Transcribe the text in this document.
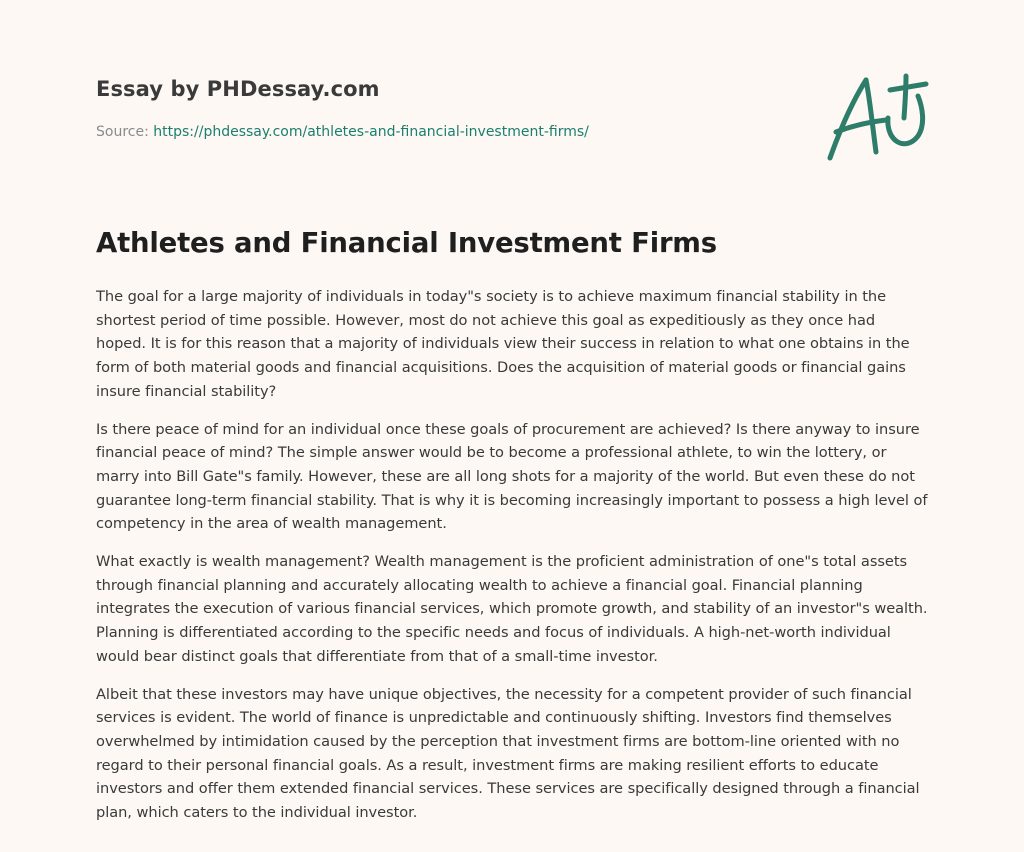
Essay by PHDessay.com
Source: https://phdessay.com/athletes-and-financial-investment-firms/
Athletes and Financial Investment Firms

The goal for a large majority of individuals in today"s society is to achieve maximum financial stability in the shortest period of time possible. However, most do not achieve this goal as expeditiously as they once had hoped. It is for this reason that a majority of individuals view their success in relation to what one obtains in the form of both material goods and financial acquisitions. Does the acquisition of material goods or financial gains insure financial stability?

Is there peace of mind for an individual once these goals of procurement are achieved? Is there anyway to insure financial peace of mind? The simple answer would be to become a professional athlete, to win the lottery, or marry into Bill Gate"s family. However, these are all long shots for a majority of the world. But even these do not guarantee long-term financial stability. That is why it is becoming increasingly important to possess a high level of competency in the area of wealth management.

What exactly is wealth management? Wealth management is the proficient administration of one"s total assets through financial planning and accurately allocating wealth to achieve a financial goal. Financial planning integrates the execution of various financial services, which promote growth, and stability of an investor"s wealth. Planning is differentiated according to the specific needs and focus of individuals. A high-net-worth individual would bear distinct goals that differentiate from that of a small-time investor.

Albeit that these investors may have unique objectives, the necessity for a competent provider of such financial services is evident. The world of finance is unpredictable and continuously shifting. Investors find themselves overwhelmed by intimidation caused by the perception that investment firms are bottom-line oriented with no regard to their personal financial goals. As a result, investment firms are making resilient efforts to educate investors and offer them extended financial services. These services are specifically designed through a financial plan, which caters to the individual investor.
